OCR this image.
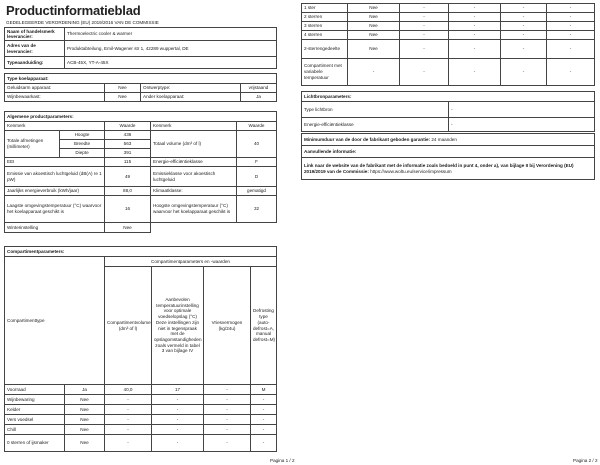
Productinformatieblad
GEDELEGEERDE VERORDENING (EU) 2019/2016 VAN DE COMMISSIE
Naam of handelsmerk leverancier:	Thermoelectric cooler & warmer
Adres van de leverancier:	Produktabteilung, Emil-Wagener str 1, 42289 wuppertal, DE
Typeaanduiding:	ACB-45X, YT-A-45X
Type koelapparaat:			
Geluidsarm apparaat:	Nee	Ontwerptype:	vrijstaand
Wijnbewaarkast:	Nee	Ander koelapparaat:	Ja
Algemene productparameters:				
Kenmerk		Waarde	Kenmerk	Waarde
Totale afmetingen (millimeter)	Hoogte	436	Totaal volume (dm³ of l)	40
	Breedte	563		
	Diepte	391		
EEI		115	Energie-efficiëntieklasse	F
Emissie van akoestisch luchtgeluid (dB(A) re 1 pW)		49	Emissieklasse voor akoestisch luchtgeluid	D
Jaarlijks energieverbruik (kWh/jaar)		88,0	Klimaatklasse:	gematigd
Laagste omgevingstemperatuur (°C) waarvoor het koelapparaat geschikt is		16	Hoogste omgevingstemperatuur (°C) waarvoor het koelapparaat geschikt is	32
Winterinstelling		Nee		
Compartimentparameters:					
Compartimenttype		Compartimentparameters en -waarden			
		Compartimentvolume (dm³ of l)	Aanbevolen temperatuurinstelling voor optimale voedselopslag (°C) Deze instellingen zijn niet in tegenspraak met de opslagomstandigheden zoals vermeld in tabel 3 van bijlage IV	Vriesvermogen (kg/24u)	Defrosting type (auto-defrost=A, manual defrost=M)
Voorraad	Ja	40,0	17	-	M
Wijnbewaring	Nee	-	-	-	-
Kelder	Nee	-	-	-	-
Vers voedsel	Nee	-	-	-	-
Chill	Nee	-	-	-	-
0 sterren of ijsmaker	Nee	-	-	-	-
Pagina 1 / 2
1 ster	Nee	-	-	-	-
2 sterren	Nee	-	-	-	-
3 sterren	Nee	-	-	-	-
4 sterren	Nee	-	-	-	-
2-sterrengedeelte	Nee	-	-	-	-
Compartiment met variabele temperatuur	-	-	-	-	-
Lichtbronparameters:	
Type lichtbron	-
Energie-efficiëntieklasse	-
Minimumduur van de door de fabrikant geboden garantie: 24 maanden
Aanvullende informatie:
Link naar de website van de fabrikant met de informatie zoals bedoeld in punt 4, onder a), van bijlage II bij Verordening (EU) 2019/2019 van de Commissie: https://www.woltu.eu/service/impressum
Pagina 2 / 2
